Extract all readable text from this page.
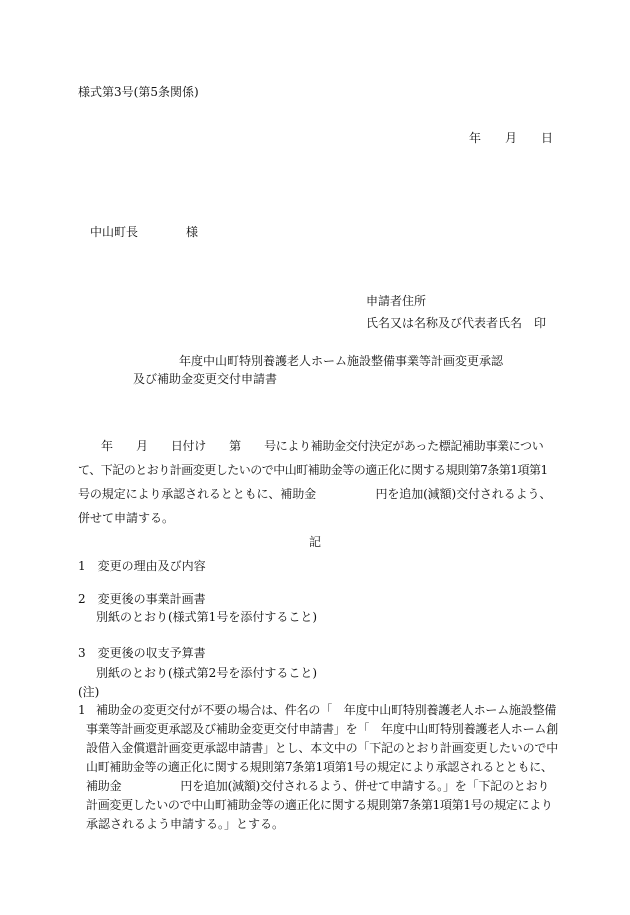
様式第3号(第5条関係)
年　　月　　日
中山町長　　　　様
申請者住所
氏名又は名称及び代表者氏名　印
年度中山町特別養護老人ホーム施設整備事業等計画変更承認
及び補助金変更交付申請書
年　　月　　日付け　　第　　号により補助金交付決定があった標記補助事業につい
て、下記のとおり計画変更したいので中山町補助金等の適正化に関する規則第7条第1項第1
号の規定により承認されるとともに、補助金　　　　　円を追加(減額)交付されるよう、
併せて申請する。
記
1　変更の理由及び内容
2　変更後の事業計画書
別紙のとおり(様式第1号を添付すること)
3　変更後の収支予算書
別紙のとおり(様式第2号を添付すること)
(注)
1 補助金の変更交付が不要の場合は、件名の「　年度中山町特別養護老人ホーム施設整備
事業等計画変更承認及び補助金変更交付申請書」を「　年度中山町特別養護老人ホーム創
設借入金償還計画変更承認申請書」とし、本文中の「下記のとおり計画変更したいので中
山町補助金等の適正化に関する規則第7条第1項第1号の規定により承認されるとともに、
補助金　　　　　円を追加(減額)交付されるよう、併せて申請する。」を「下記のとおり
計画変更したいので中山町補助金等の適正化に関する規則第7条第1項第1号の規定により
承認されるよう申請する。」とする。
